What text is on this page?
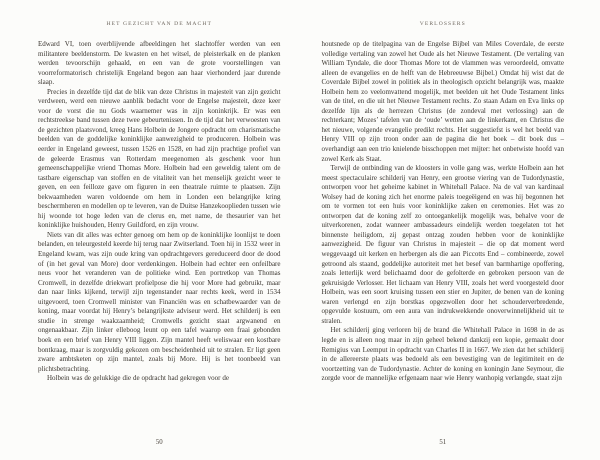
HET GEZICHT VAN DE MACHT

Edward VI, toen overblijvende afbeeldingen het slachtoffer werden van een militantere beeldenstorm. De kwasten en het witsel, de pleisterkalk en de planken werden tevoorschijn gehaald, en een van de grote voorstellingen van voorreformatorisch christelijk Engeland begon aan haar vierhonderd jaar durende slaap.

Precies in dezelfde tijd dat de blik van deze Christus in majesteit van zijn gezicht verdween, werd een nieuwe aanblik bedacht voor de Engelse majesteit, deze keer voor de vorst die nu Gods waarnemer was in zijn koninkrijk. Er was een rechtstreekse band tussen deze twee gebeurtenissen. In de tijd dat het verwoesten van de gezichten plaatsvond, kreeg Hans Holbein de Jongere opdracht om charismatische beelden van de goddelijke koninklijke aanwezigheid te produceren. Holbein was eerder in Engeland geweest, tussen 1526 en 1528, en had zijn prachtige profiel van de geleerde Erasmus van Rotterdam meegenomen als geschenk voor hun gemeenschappelijke vriend Thomas More. Holbein had een geweldig talent om de tastbare eigenschap van stoffen en de vitaliteit van het menselijk gezicht weer te geven, en een feilloze gave om figuren in een theatrale ruimte te plaatsen. Zijn bekwaamheden waren voldoende om hem in Londen een belangrijke kring beschermheren en modellen op te leveren, van de Duitse Hanzekooplieden tussen wie hij woonde tot hoge leden van de clerus en, met name, de thesaurier van het koninklijke huishouden, Henry Guildford, en zijn vrouw.

Niets van dit alles was echter genoeg om hem op de koninklijke loonlijst te doen belanden, en teleurgesteld keerde hij terug naar Zwitserland. Toen hij in 1532 weer in Engeland kwam, was zijn oude kring van opdrachtgevers gereduceerd door de dood of (in het geval van More) door verdenkingen. Holbein had echter een onfeilbare neus voor het veranderen van de politieke wind. Een portretkop van Thomas Cromwell, in dezelfde driekwart profielpose die hij voor More had gebruikt, maar dan naar links kijkend, terwijl zijn tegenstander naar rechts keek, werd in 1534 uitgevoerd, toen Cromwell minister van Financiën was en schatbewaarder van de koning, maar voordat hij Henry’s belangrijkste adviseur werd. Het schilderij is een studie in strenge waakzaamheid; Cromwells gezicht staat argwanend en ongenaakbaar. Zijn linker elleboog leunt op een tafel waarop een fraai gebonden boek en een brief van Henry VIII liggen. Zijn mantel heeft weliswaar een kostbare bontkraag, maar is zorgvuldig gekozen om bescheidenheid uit te stralen. Er ligt geen zware ambtsketen op zijn mantel, zoals bij More. Hij is het toonbeeld van plichtsbetrachting.

Holbein was de gelukkige die de opdracht had gekregen voor de

50
VERLOSSERS

houtsnede op de titelpagina van de Engelse Bijbel van Miles Coverdale, de eerste volledige vertaling van zowel het Oude als het Nieuwe Testament. (De vertaling van William Tyndale, die door Thomas More tot de vlammen was veroordeeld, omvatte alleen de evangelies en de helft van de Hebreeuwse Bijbel.) Omdat hij wist dat de Coverdale Bijbel zowel in politiek als in theologisch opzicht belangrijk was, maakte Holbein hem zo veelomvattend mogelijk, met beelden uit het Oude Testament links van de titel, en die uit het Nieuwe Testament rechts. Zo staan Adam en Eva links op dezelfde lijn als de herrezen Christus (de zondeval met verlossing) aan de rechterkant; Mozes’ tafelen van de ‘oude’ wetten aan de linkerkant, en Christus die het nieuwe, volgende evangelie predikt rechts. Het suggestiefst is wel het beeld van Henry VIII op zijn troon onder aan de pagina die het boek – dit boek dus – overhandigt aan een trio knielende bisschoppen met mijter: het onbetwiste hoofd van zowel Kerk als Staat.

Terwijl de ontbinding van de kloosters in volle gang was, werkte Holbein aan het meest spectaculaire schilderij van Henry, een grootse viering van de Tudordynastie, ontworpen voor het geheime kabinet in Whitehall Palace. Na de val van kardinaal Wolsey had de koning zich het enorme paleis toegeëigend en was hij begonnen het om te vormen tot een huis voor koninklijke zaken en ceremonies. Het was zo ontworpen dat de koning zelf zo ontoegankelijk mogelijk was, behalve voor de uitverkorenen, zodat wanneer ambassadeurs eindelijk werden toegelaten tot het binnenste heiligdom, zij gepast ontzag zouden hebben voor de koninklijke aanwezigheid. De figuur van Christus in majesteit – die op dat moment werd weggevaagd uit kerken en herbergen als die aan Piccotts End – combineerde, zowel getroond als staand, goddelijke autoriteit met het besef van barmhartige opoffering, zoals letterlijk werd belichaamd door de gefolterde en gebroken persoon van de gekruisigde Verlosser. Het lichaam van Henry VIII, zoals het werd voorgesteld door Holbein, was een soort kruising tussen een stier en Jupiter, de benen van de koning waren verlengd en zijn borstkas opgezwollen door het schouderverbredende, opgevulde kostuum, om een aura van indrukwekkende onoverwinnelijkheid uit te stralen.

Het schilderij ging verloren bij de brand die Whitehall Palace in 1698 in de as legde en is alleen nog maar in zijn geheel bekend dankzij een kopie, gemaakt door Remigius van Leemput in opdracht van Charles II in 1667. We zien dat het schilderij in de allereerste plaats was bedoeld als een bevestiging van de legitimiteit en de voortzetting van de Tudordynastie. Achter de koning en koningin Jane Seymour, die zorgde voor de mannelijke erfgenaam naar wie Henry wanhopig verlangde, staat zijn

51
